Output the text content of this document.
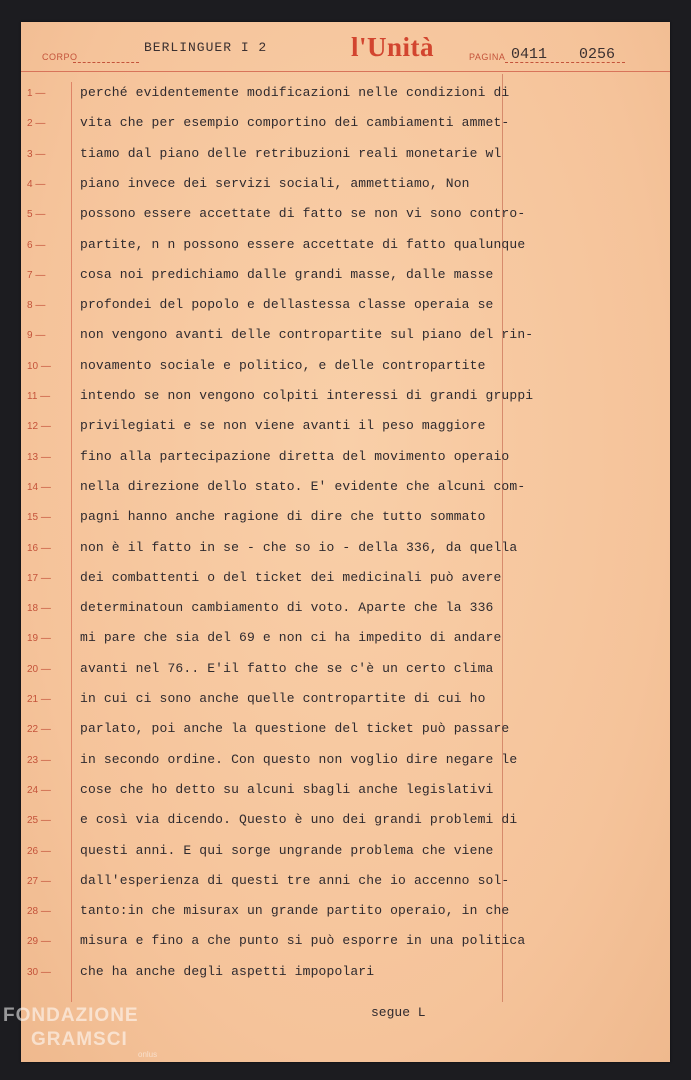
CORPO
BERLINGUER I 2	l'Unità	PAGINA 0411 0256
1 —	perché evidentemente modificazioni nelle condizioni di
2 —	vita che per esempio comportino dei cambiamenti ammet-
3 —	tiamo dal piano delle retribuzioni reali monetarie wl
4 —	piano invece dei servizi sociali, ammettiamo, Non
5 —	possono essere accettate di fatto se non vi sono contro-
6 —	partite, n n possono essere accettate di fatto qualunque
7 —	cosa noi predichiamo dalle grandi masse, dalle masse
8 —	profondei del popolo e dellastessa classe operaia se
9 —	non vengono avanti delle contropartite sul piano del rin-
10 —	novamento sociale e politico, e delle contropartite
11 —	intendo se non vengono colpiti interessi di grandi gruppi
12 —	privilegiati e se non viene avanti il peso maggiore
13 —	fino alla partecipazione diretta del movimento operaio
14 —	nella direzione dello stato. E' evidente che alcuni com-
15 —	pagni hanno anche ragione di dire che tutto sommato
16 —	non è il fatto in se - che so io - della 336, da quella
17 —	dei combattenti o del ticket dei medicinali può avere
18 —	determinatoun cambiamento di voto. Aparte che la 336
19 —	mi pare che sia del 69 e non ci ha impedito di andare
20 —	avanti nel 76.. E'il fatto che se c'è un certo clima
21 —	in cui ci sono anche quelle contropartite di cui ho
22 —	parlato, poi anche la questione del ticket può passare
23 —	in secondo ordine. Con questo non voglio dire negare le
24 —	cose che ho detto su alcuni sbagli anche legislativi
25 —	e così via dicendo. Questo è uno dei grandi problemi di
26 —	questi anni. E qui sorge ungrande problema che viene
27 —	dall'esperienza di questi tre anni che io accenno sol-
28 —	tanto:in che misurax un grande partito operaio, in che
29 —	misura e fino a che punto si può esporre in una politica
30 —	che ha anche degli aspetti impopolari
segue L
FONDAZIONE
GRAMSCI
onlus
